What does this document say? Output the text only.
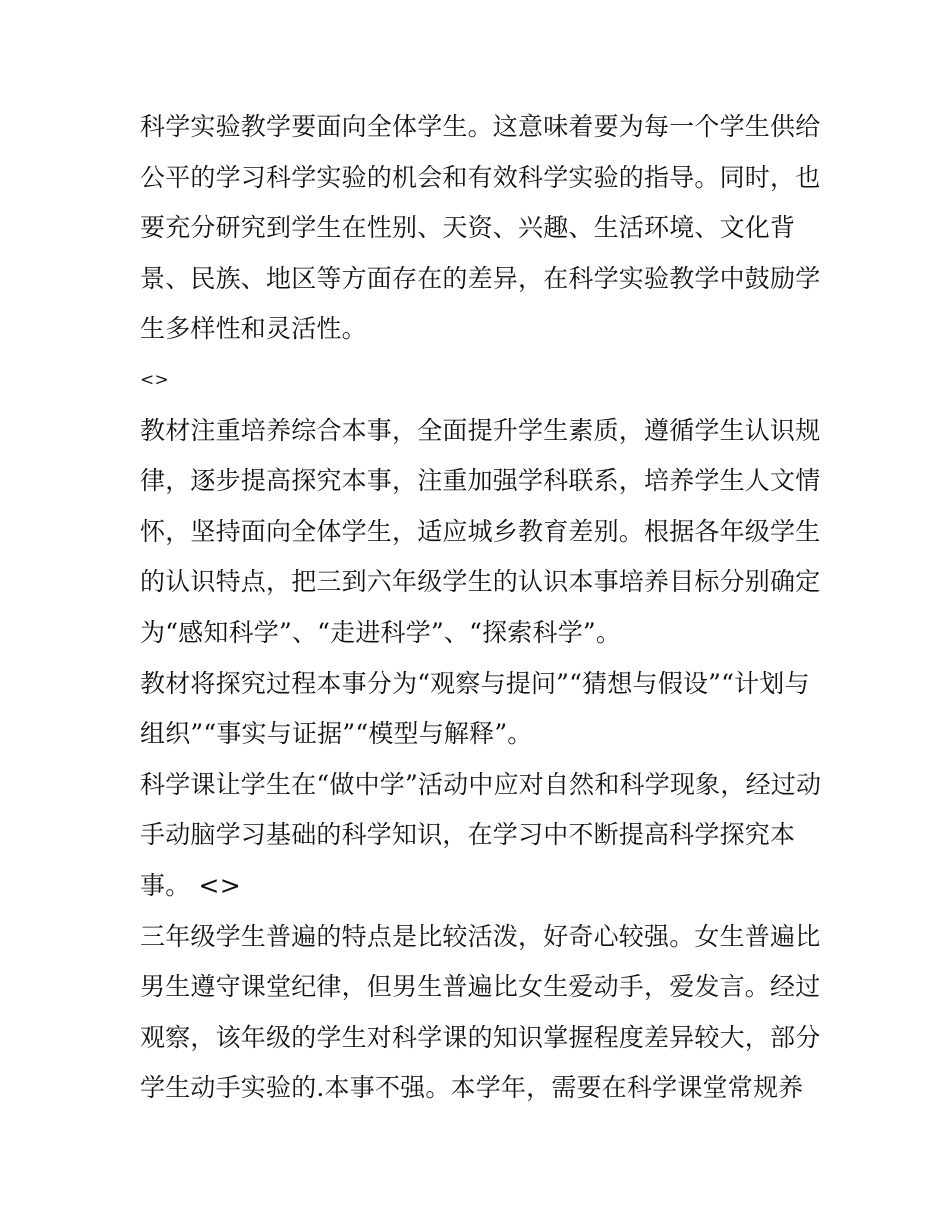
科学实验教学要面向全体学生。这意味着要为每一个学生供给
公平的学习科学实验的机会和有效科学实验的指导。同时，也
要充分研究到学生在性别、天资、兴趣、生活环境、文化背
景、民族、地区等方面存在的差异，在科学实验教学中鼓励学
生多样性和灵活性。
<>
教材注重培养综合本事，全面提升学生素质，遵循学生认识规
律，逐步提高探究本事，注重加强学科联系，培养学生人文情
怀，坚持面向全体学生，适应城乡教育差别。根据各年级学生
的认识特点，把三到六年级学生的认识本事培养目标分别确定
为“感知科学”、“走进科学”、“探索科学”。
教材将探究过程本事分为“观察与提问”“猜想与假设”“计划与
组织”“事实与证据”“模型与解释”。
科学课让学生在“做中学”活动中应对自然和科学现象，经过动
手动脑学习基础的科学知识，在学习中不断提高科学探究本
事。 <>
三年级学生普遍的特点是比较活泼，好奇心较强。女生普遍比
男生遵守课堂纪律，但男生普遍比女生爱动手，爱发言。经过
观察，该年级的学生对科学课的知识掌握程度差异较大，部分
学生动手实验的.本事不强。本学年，需要在科学课堂常规养
